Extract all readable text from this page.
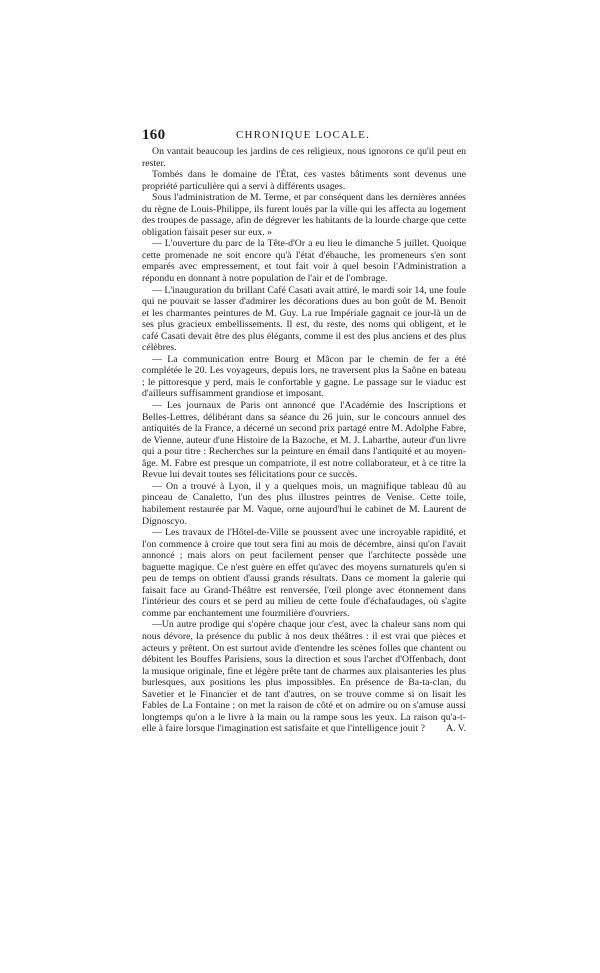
160	CHRONIQUE LOCALE.

On vantait beaucoup les jardins de ces religieux, nous ignorons ce qu'il peut en rester.

Tombés dans le domaine de l'État, ces vastes bâtiments sont devenus une propriété particulière qui a servi à différents usages.

Sous l'administration de M. Terme, et par conséquent dans les dernières années du règne de Louis-Philippe, ils furent loués par la ville qui les affecta au logement des troupes de passage, afin de dégrever les habitants de la lourde charge que cette obligation faisait peser sur eux. »

— L'ouverture du parc de la Tête-d'Or a eu lieu le dimanche 5 juillet. Quoique cette promenade ne soit encore qu'à l'état d'ébauche, les promeneurs s'en sont emparés avec empressement, et tout fait voir à quel besoin l'Administration a répondu en donnant à notre population de l'air et de l'ombrage.

— L'inauguration du brillant Café Casati avait attiré, le mardi soir 14, une foule qui ne pouvait se lasser d'admirer les décorations dues au bon goût de M. Benoit et les charmantes peintures de M. Guy. La rue Impériale gagnait ce jour-là un de ses plus gracieux embellissements. Il est, du reste, des noms qui obligent, et le café Casati devait être des plus élégants, comme il est des plus anciens et des plus célèbres.

— La communication entre Bourg et Mâcon par le chemin de fer a été complétée le 20. Les voyageurs, depuis lors, ne traversent plus la Saône en bateau ; le pittoresque y perd, mais le confortable y gagne. Le passage sur le viaduc est d'ailleurs suffisamment grandiose et imposant.

— Les journaux de Paris ont annoncé que l'Académie des Inscriptions et Belles-Lettres, délibérant dans sa séance du 26 juin, sur le concours annuel des antiquités de la France, a décerné un second prix partagé entre M. Adolphe Fabre, de Vienne, auteur d'une Histoire de la Bazoche, et M. J. Labarthe, auteur d'un livre qui a pour titre : Recherches sur la peinture en émail dans l'antiquité et au moyen-âge. M. Fabre est presque un compatriote, il est notre collaborateur, et à ce titre la Revue lui devait toutes ses félicitations pour ce succès.

— On a trouvé à Lyon, il y a quelques mois, un magnifique tableau dû au pinceau de Canaletto, l'un des plus illustres peintres de Venise. Cette toile, habilement restaurée par M. Vaque, orne aujourd'hui le cabinet de M. Laurent de Dignoscyo.

— Les travaux de l'Hôtel-de-Ville se poussent avec une incroyable rapidité, et l'on commence à croire que tout sera fini au mois de décembre, ainsi qu'on l'avait annoncé ; mais alors on peut facilement penser que l'architecte possède une baguette magique. Ce n'est guère en effet qu'avec des moyens surnaturels qu'en si peu de temps on obtient d'aussi grands résultats. Dans ce moment la galerie qui faisait face au Grand-Théâtre est renversée, l'œil plonge avec étonnement dans l'intérieur des cours et se perd au milieu de cette foule d'échafaudages, où s'agite comme par enchantement une fourmilière d'ouvriers.

—Un autre prodige qui s'opère chaque jour c'est, avec la chaleur sans nom qui nous dévore, la présence du public à nos deux théâtres : il est vrai que pièces et acteurs y prêtent. On est surtout avide d'entendre les scènes folles que chantent ou débitent les Bouffes Parisiens, sous la direction et sous l'archet d'Offenbach, dont la musique originale, fine et légère prête tant de charmes aux plaisanteries les plus burlesques, aux positions les plus impossibles. En présence de Ba-ta-clan, du Savetier et le Financier et de tant d'autres, on se trouve comme si on lisait les Fables de La Fontaine ; on met la raison de côté et on admire ou on s'amuse aussi longtemps qu'on a le livre à la main ou la rampe sous les yeux. La raison qu'a-t-elle à faire lorsque l'imagination est satisfaite et que l'intelligence jouit ?	A. V.
